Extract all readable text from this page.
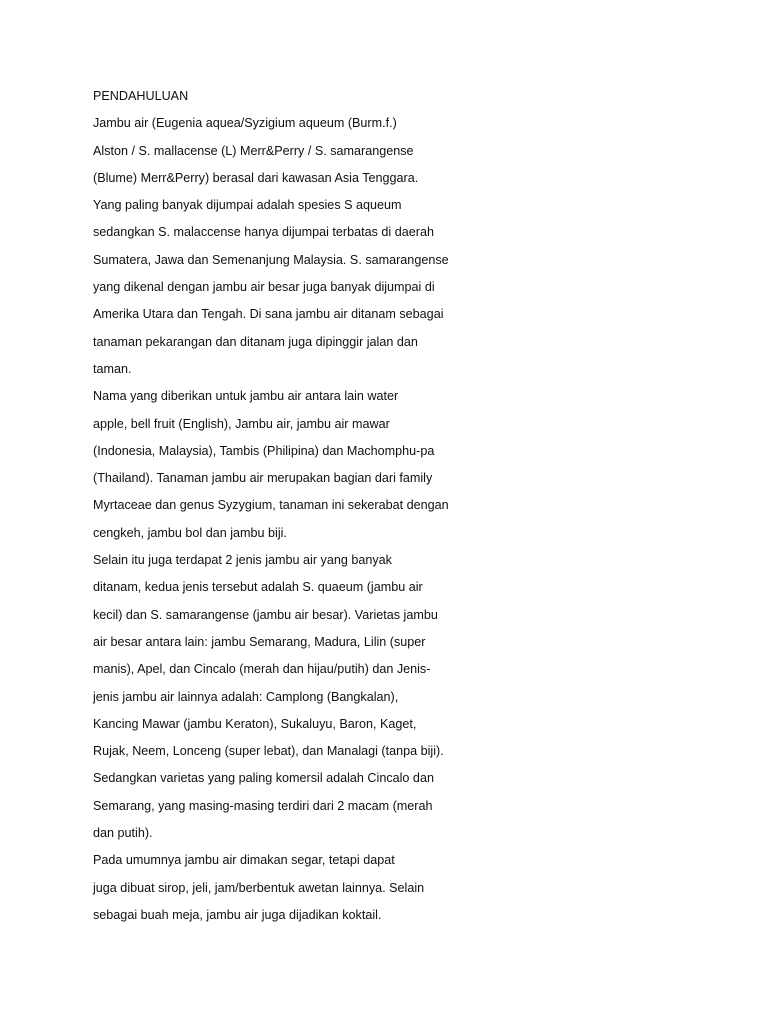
PENDAHULUAN
Jambu air (Eugenia aquea/Syzigium aqueum (Burm.f.)
Alston / S. mallacense (L) Merr&Perry / S. samarangense
(Blume) Merr&Perry) berasal dari kawasan Asia Tenggara.
Yang paling banyak dijumpai adalah spesies S aqueum
sedangkan S. malaccense hanya dijumpai terbatas di daerah
Sumatera, Jawa dan Semenanjung Malaysia. S. samarangense
yang dikenal dengan jambu air besar juga banyak dijumpai di
Amerika Utara dan Tengah. Di sana jambu air ditanam sebagai
tanaman pekarangan dan ditanam juga dipinggir jalan dan
taman.
Nama yang diberikan untuk jambu air antara lain water
apple, bell fruit (English), Jambu air, jambu air mawar
(Indonesia, Malaysia), Tambis (Philipina) dan Machomphu-pa
(Thailand). Tanaman jambu air merupakan bagian dari family
Myrtaceae dan genus Syzygium, tanaman ini sekerabat dengan
cengkeh, jambu bol dan jambu biji.
Selain itu juga terdapat 2 jenis jambu air yang banyak
ditanam, kedua jenis tersebut adalah S. quaeum (jambu air
kecil) dan S. samarangense (jambu air besar). Varietas jambu
air besar antara lain: jambu Semarang, Madura, Lilin (super
manis), Apel, dan Cincalo (merah dan hijau/putih) dan Jenis-
jenis jambu air lainnya adalah: Camplong (Bangkalan),
Kancing Mawar (jambu Keraton), Sukaluyu, Baron, Kaget,
Rujak, Neem, Lonceng (super lebat), dan Manalagi (tanpa biji).
Sedangkan varietas yang paling komersil adalah Cincalo dan
Semarang, yang masing-masing terdiri dari 2 macam (merah
dan putih).
Pada umumnya jambu air dimakan segar, tetapi dapat
juga dibuat sirop, jeli, jam/berbentuk awetan lainnya. Selain
sebagai buah meja, jambu air juga dijadikan koktail.
